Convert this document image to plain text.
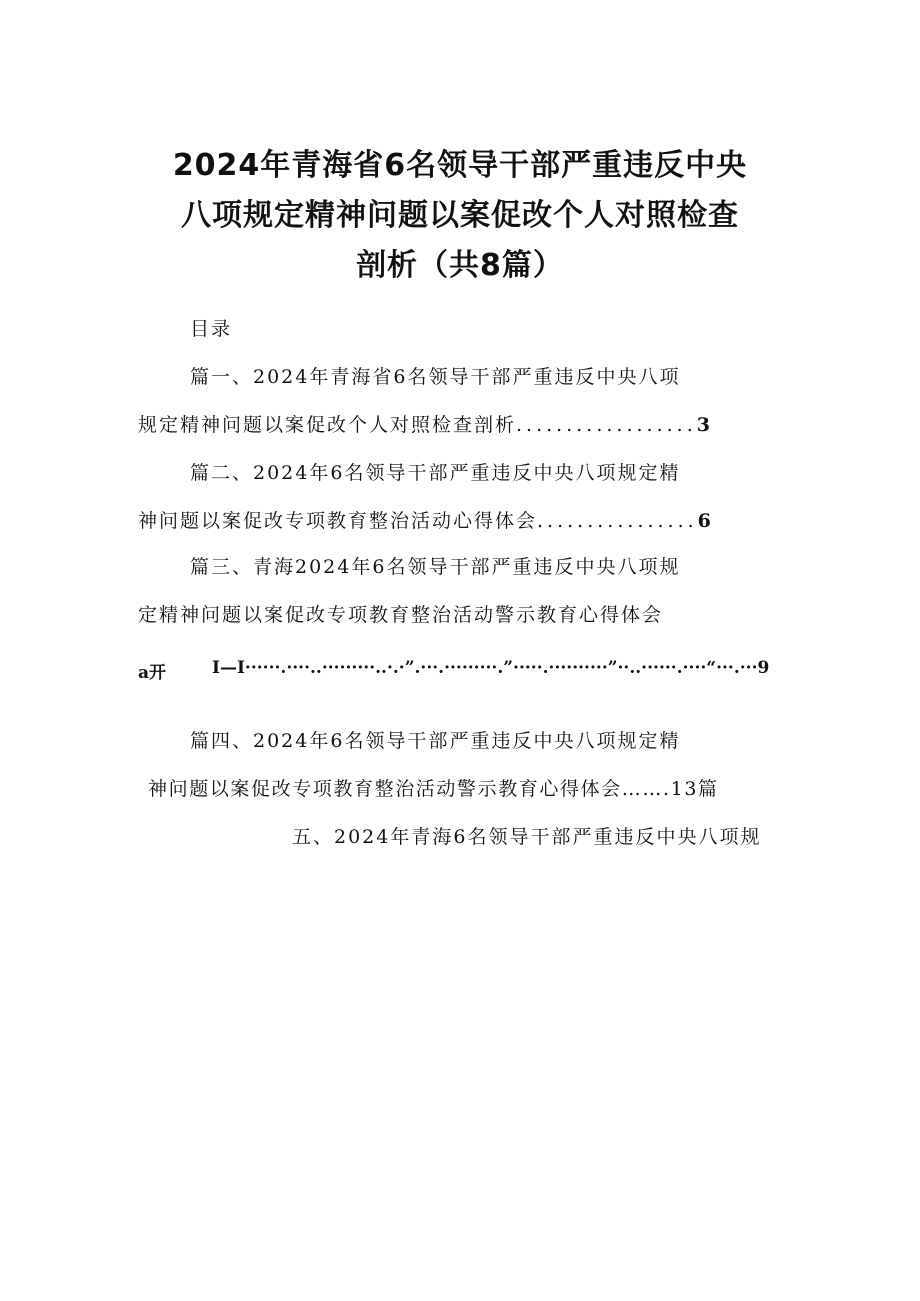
2024年青海省6名领导干部严重违反中央
八项规定精神问题以案促改个人对照检查
剖析（共8篇）
目录
篇一、2024年青海省6名领导干部严重违反中央八项
规定精神问题以案促改个人对照检查剖析 .................. 3
篇二、2024年6名领导干部严重违反中央八项规定精
神问题以案促改专项教育整治活动心得体会 ................ 6
篇三、青海2024年6名领导干部严重违反中央八项规
定精神问题以案促改专项教育整治活动警示教育心得体会
a开	I—I······.····..·········..·.·”.···.·········.”·····.··········”··..······.····“···.···9
篇四、2024年6名领导干部严重违反中央八项规定精
神问题以案促改专项教育整治活动警示教育心得体会…….13篇
五、2024年青海6名领导干部严重违反中央八项规
